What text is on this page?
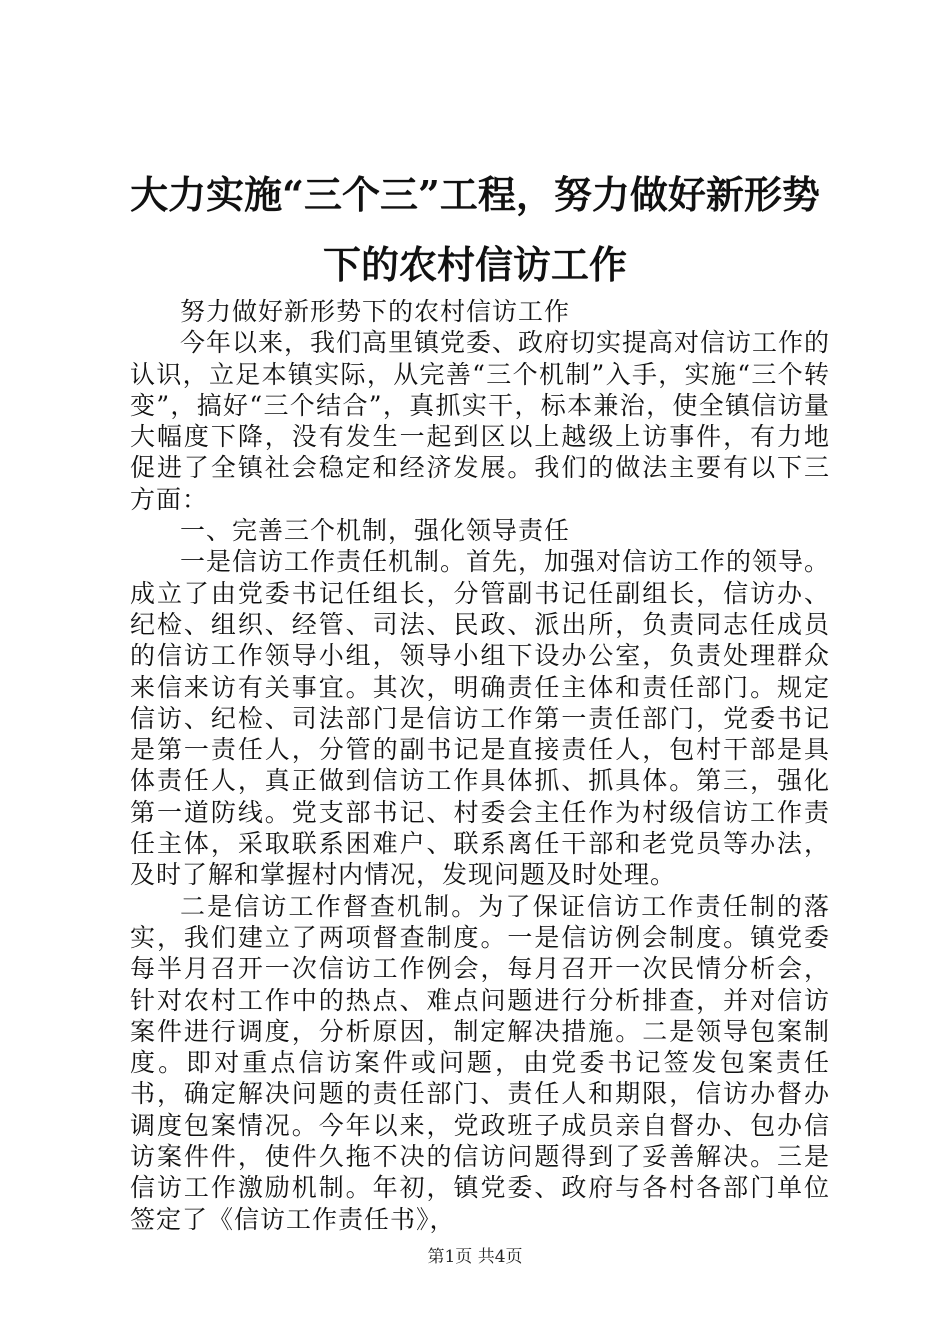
大力实施“三个三”工程，努力做好新形势下的农村信访工作

努力做好新形势下的农村信访工作

今年以来，我们高里镇党委、政府切实提高对信访工作的认识，立足本镇实际，从完善“三个机制”入手，实施“三个转变”，搞好“三个结合”，真抓实干，标本兼治，使全镇信访量大幅度下降，没有发生一起到区以上越级上访事件，有力地促进了全镇社会稳定和经济发展。我们的做法主要有以下三方面：

一、完善三个机制，强化领导责任

一是信访工作责任机制。首先，加强对信访工作的领导。成立了由党委书记任组长，分管副书记任副组长，信访办、纪检、组织、经管、司法、民政、派出所，负责同志任成员的信访工作领导小组，领导小组下设办公室，负责处理群众来信来访有关事宜。其次，明确责任主体和责任部门。规定信访、纪检、司法部门是信访工作第一责任部门，党委书记是第一责任人，分管的副书记是直接责任人，包村干部是具体责任人，真正做到信访工作具体抓、抓具体。第三，强化第一道防线。党支部书记、村委会主任作为村级信访工作责任主体，采取联系困难户、联系离任干部和老党员等办法，及时了解和掌握村内情况，发现问题及时处理。

二是信访工作督查机制。为了保证信访工作责任制的落实，我们建立了两项督查制度。一是信访例会制度。镇党委每半月召开一次信访工作例会，每月召开一次民情分析会，针对农村工作中的热点、难点问题进行分析排查，并对信访案件进行调度，分析原因，制定解决措施。二是领导包案制度。即对重点信访案件或问题，由党委书记签发包案责任书，确定解决问题的责任部门、责任人和期限，信访办督办调度包案情况。今年以来，党政班子成员亲自督办、包办信访案件件，使件久拖不决的信访问题得到了妥善解决。三是信访工作激励机制。年初，镇党委、政府与各村各部门单位签定了《信访工作责任书》，

第1页 共4页
